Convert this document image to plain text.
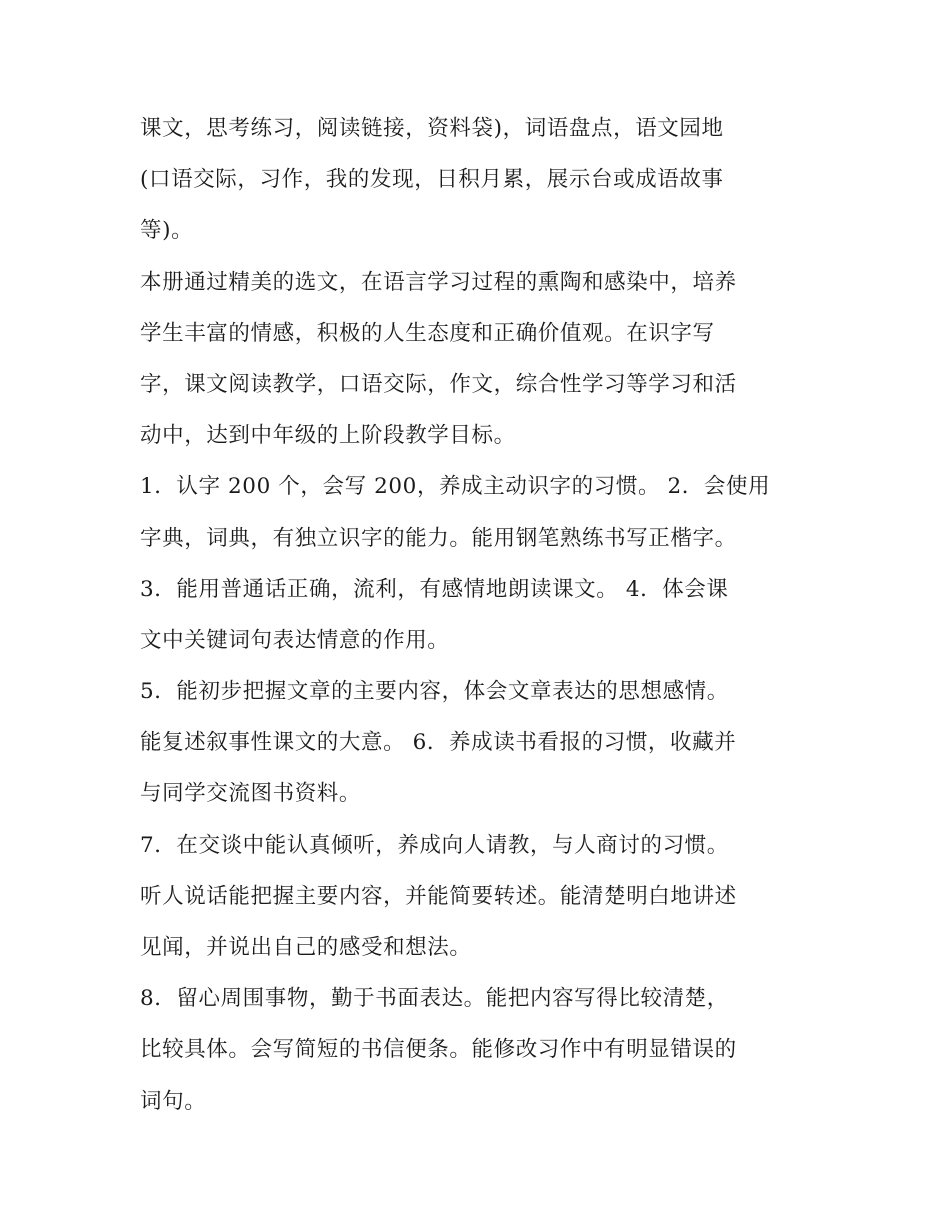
课文，思考练习，阅读链接，资料袋)，词语盘点，语文园地
(口语交际，习作，我的发现，日积月累，展示台或成语故事
等)。
本册通过精美的选文，在语言学习过程的熏陶和感染中，培养
学生丰富的情感，积极的人生态度和正确价值观。在识字写
字，课文阅读教学，口语交际，作文，综合性学习等学习和活
动中，达到中年级的上阶段教学目标。
1．认字 200 个，会写 200，养成主动识字的习惯。 2．会使用
字典，词典，有独立识字的能力。能用钢笔熟练书写正楷字。
3．能用普通话正确，流利，有感情地朗读课文。 4．体会课
文中关键词句表达情意的作用。
5．能初步把握文章的主要内容，体会文章表达的思想感情。
能复述叙事性课文的大意。 6．养成读书看报的习惯，收藏并
与同学交流图书资料。
7．在交谈中能认真倾听，养成向人请教，与人商讨的习惯。
听人说话能把握主要内容，并能简要转述。能清楚明白地讲述
见闻，并说出自己的感受和想法。
8．留心周围事物，勤于书面表达。能把内容写得比较清楚，
比较具体。会写简短的书信便条。能修改习作中有明显错误的
词句。
